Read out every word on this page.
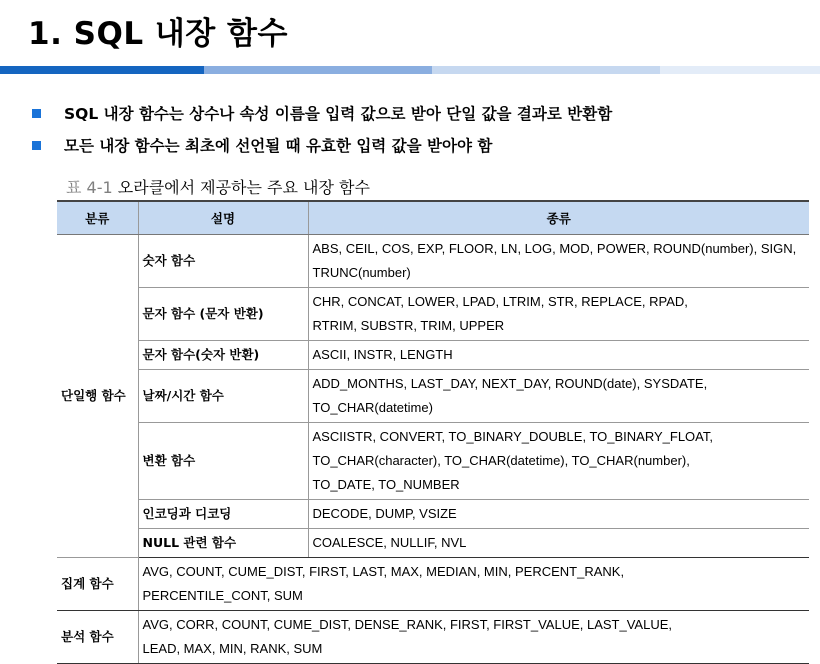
1. SQL 내장 함수
SQL 내장 함수는 상수나 속성 이름을 입력 값으로 받아 단일 값을 결과로 반환함
모든 내장 함수는 최초에 선언될 때 유효한 입력 값을 받아야 함
표 4-1 오라클에서 제공하는 주요 내장 함수
분류	설명	종류
단일행 함수	숫자 함수	ABS, CEIL, COS, EXP, FLOOR, LN, LOG, MOD, POWER, ROUND(number), SIGN,
TRUNC(number)

	문자 함수 (문자 반환)	CHR, CONCAT, LOWER, LPAD, LTRIM, STR, REPLACE, RPAD,
RTRIM, SUBSTR, TRIM, UPPER

	문자 함수(숫자 반환)	ASCII, INSTR, LENGTH

	날짜/시간 함수	ADD_MONTHS, LAST_DAY, NEXT_DAY, ROUND(date), SYSDATE,
TO_CHAR(datetime)

	변환 함수	ASCIISTR, CONVERT, TO_BINARY_DOUBLE, TO_BINARY_FLOAT,
TO_CHAR(character), TO_CHAR(datetime), TO_CHAR(number),
TO_DATE, TO_NUMBER

	인코딩과 디코딩	DECODE, DUMP, VSIZE

	NULL 관련 함수	COALESCE, NULLIF, NVL

집계 함수	AVG, COUNT, CUME_DIST, FIRST, LAST, MAX, MEDIAN, MIN, PERCENT_RANK,
PERCENTILE_CONT, SUM	

분석 함수	AVG, CORR, COUNT, CUME_DIST, DENSE_RANK, FIRST, FIRST_VALUE, LAST_VALUE,
LEAD, MAX, MIN, RANK, SUM	
